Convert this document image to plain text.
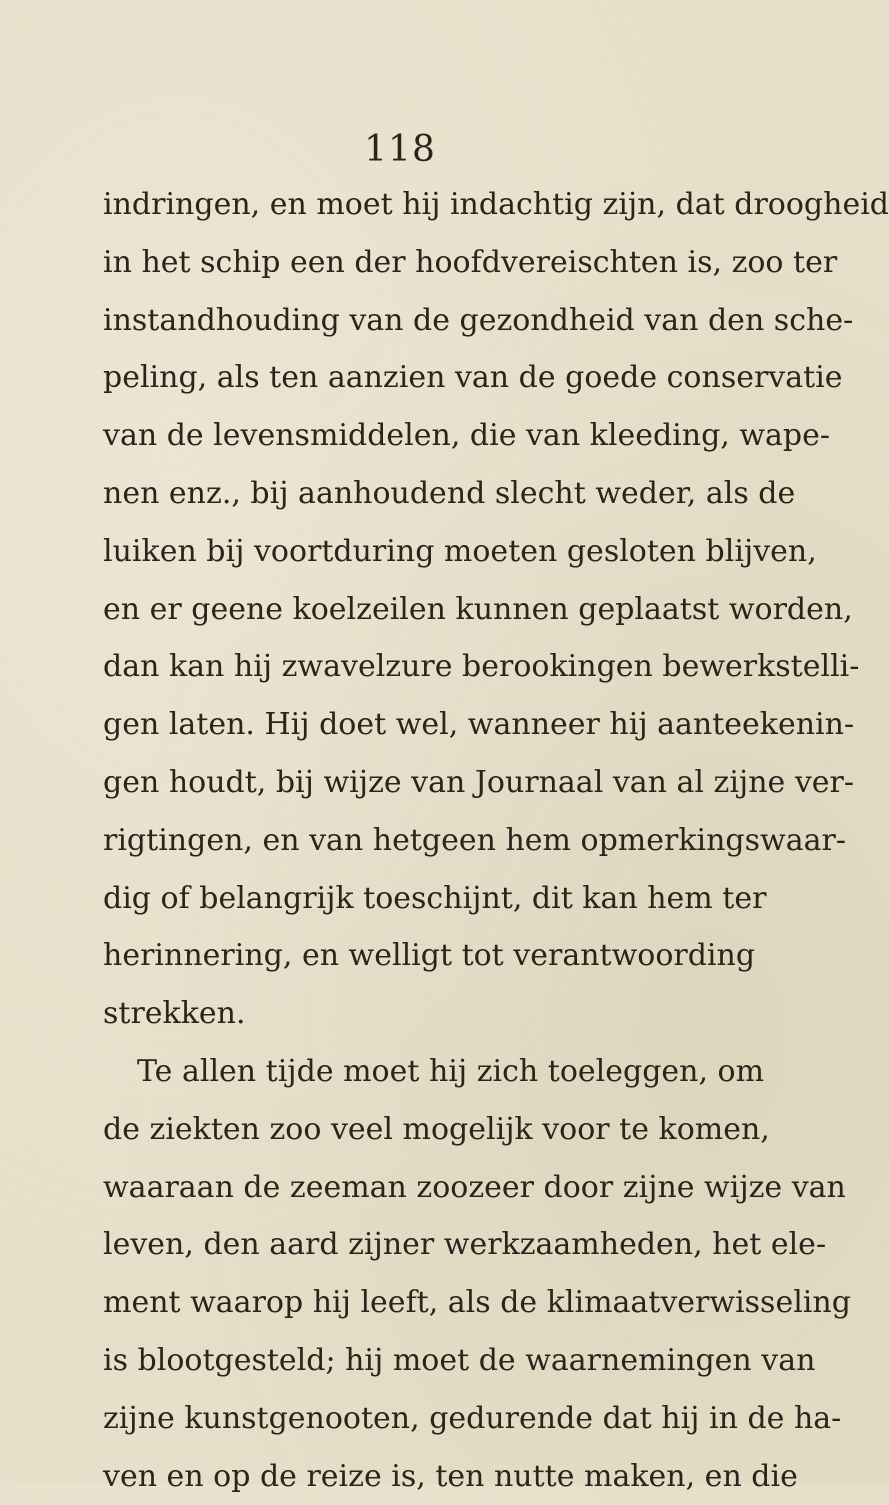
118
indringen, en moet hij indachtig zijn, dat droogheid
in het schip een der hoofdvereischten is, zoo ter
instandhouding van de gezondheid van den sche-
peling, als ten aanzien van de goede conservatie
van de levensmiddelen, die van kleeding, wape-
nen enz., bij aanhoudend slecht weder, als de
luiken bij voortduring moeten gesloten blijven,
en er geene koelzeilen kunnen geplaatst worden,
dan kan hij zwavelzure berookingen bewerkstelli-
gen laten. Hij doet wel, wanneer hij aanteekenin-
gen houdt, bij wijze van Journaal van al zijne ver-
rigtingen, en van hetgeen hem opmerkingswaar-
dig of belangrijk toeschijnt, dit kan hem ter
herinnering, en welligt tot verantwoording
strekken.
Te allen tijde moet hij zich toeleggen, om
de ziekten zoo veel mogelijk voor te komen,
waaraan de zeeman zoozeer door zijne wijze van
leven, den aard zijner werkzaamheden, het ele-
ment waarop hij leeft, als de klimaatverwisseling
is blootgesteld; hij moet de waarnemingen van
zijne kunstgenooten, gedurende dat hij in de ha-
ven en op de reize is, ten nutte maken, en die
